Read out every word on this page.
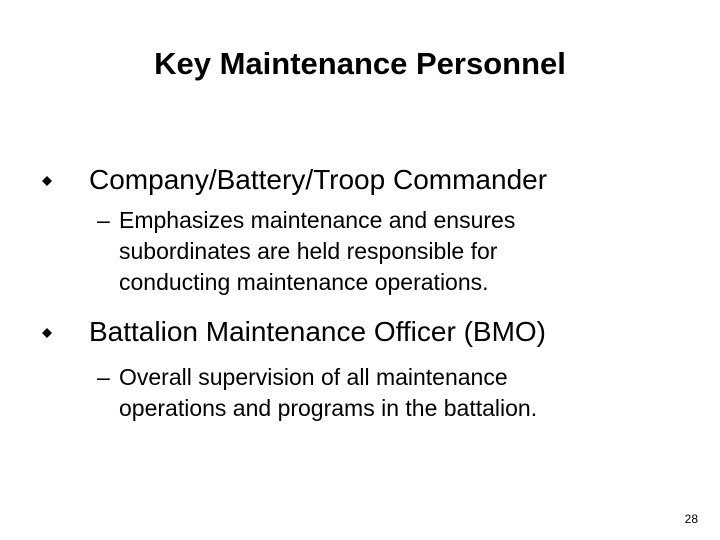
Key Maintenance Personnel
Company/Battery/Troop Commander
– Emphasizes maintenance and ensures
subordinates are held responsible for
conducting maintenance operations.
Battalion Maintenance Officer (BMO)
– Overall supervision of all maintenance
operations and programs in the battalion.
28
